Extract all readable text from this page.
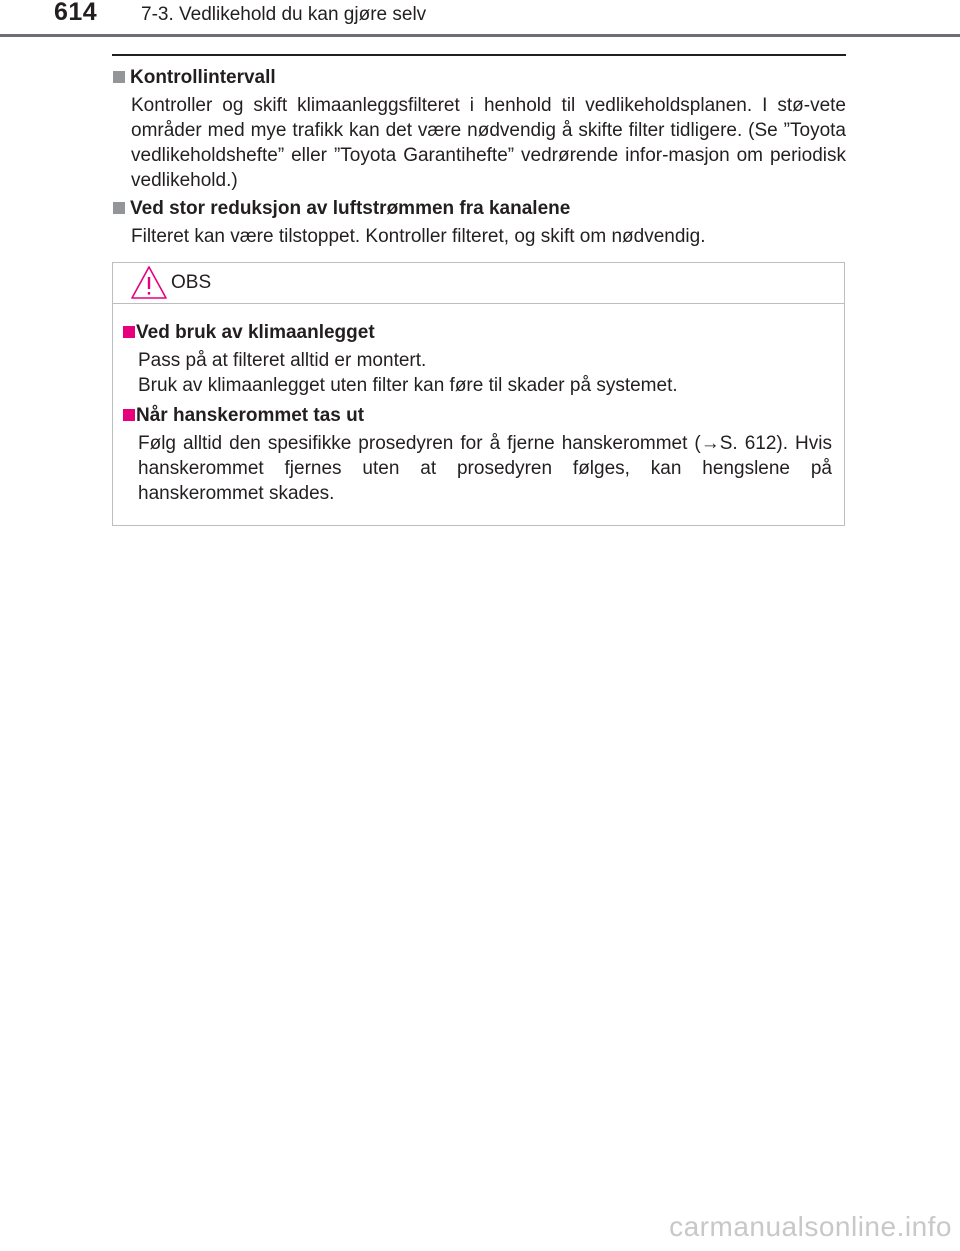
614 7-3. Vedlikehold du kan gjøre selv
Kontrollintervall

Kontroller og skift klimaanleggsfilteret i henhold til vedlikeholdsplanen. I stø-vete områder med mye trafikk kan det være nødvendig å skifte filter tidligere. (Se ”Toyota vedlikeholdshefte” eller ”Toyota Garantihefte” vedrørende infor-masjon om periodisk vedlikehold.)

Ved stor reduksjon av luftstrømmen fra kanalene

Filteret kan være tilstoppet. Kontroller filteret, og skift om nødvendig.

OBS
Ved bruk av klimaanlegget

Pass på at filteret alltid er montert.

Bruk av klimaanlegget uten filter kan føre til skader på systemet.

Når hanskerommet tas ut

Følg alltid den spesifikke prosedyren for å fjerne hanskerommet (→S. 612). Hvis hanskerommet fjernes uten at prosedyren følges, kan hengslene på hanskerommet skades.

carmanualsonline.info
